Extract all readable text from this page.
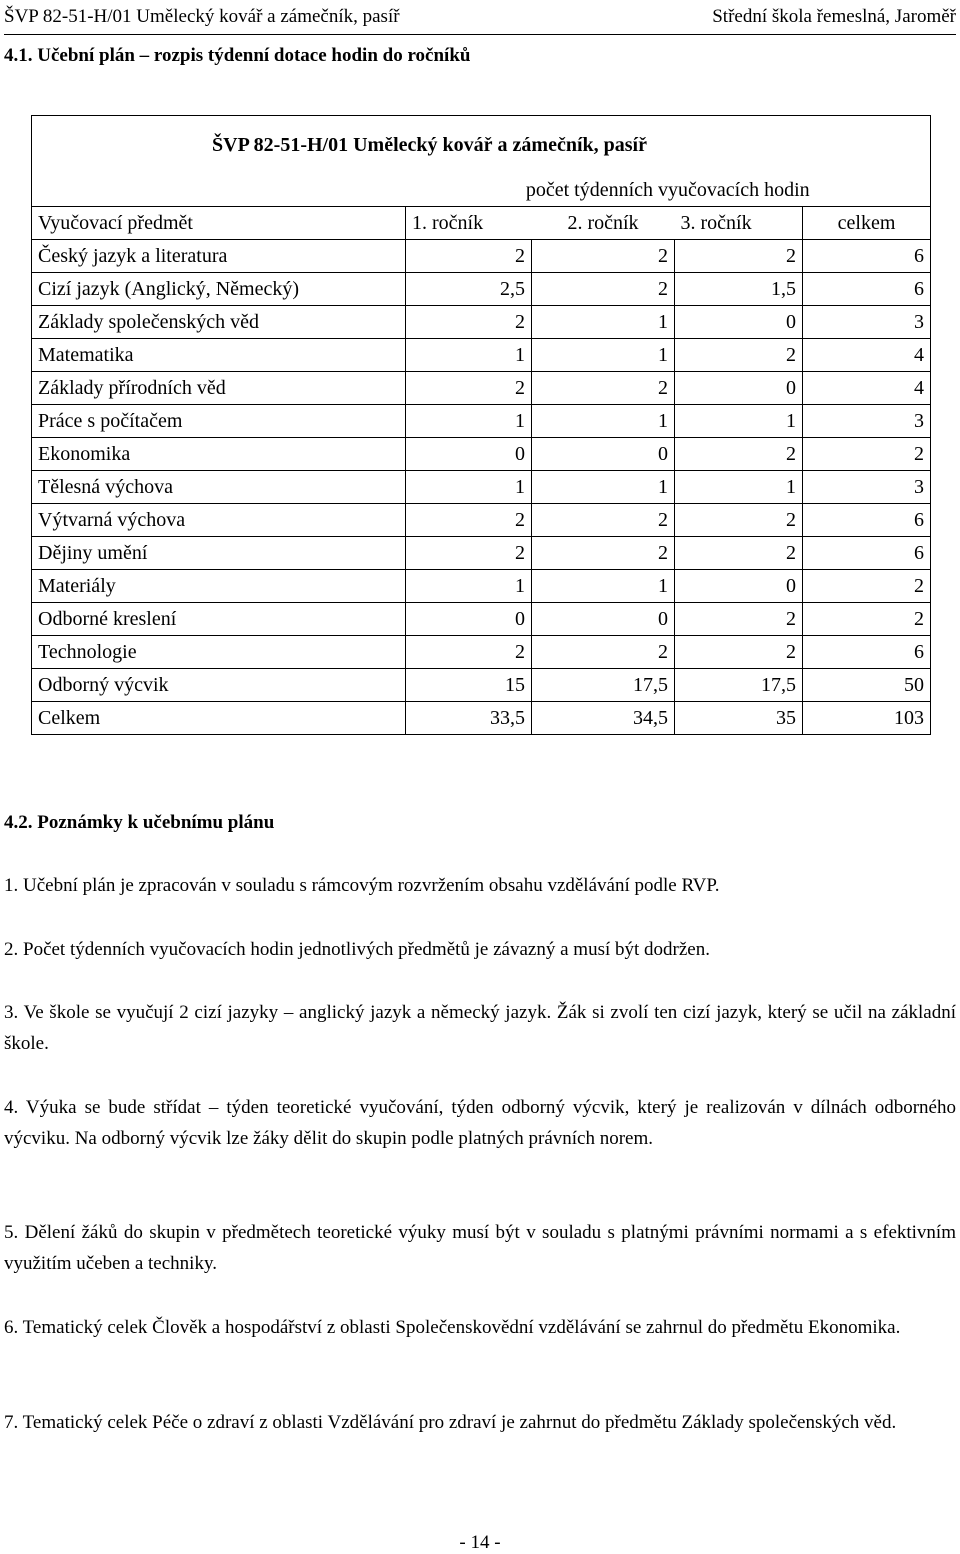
ŠVP 82-51-H/01 Umělecký kovář a zámečník, pasíř	Střední škola řemeslná, Jaroměř
4.1. Učební plán – rozpis týdenní dotace hodin do ročníků
ŠVP 82-51-H/01 Umělecký kovář a zámečník, pasíř				
	počet týdenních vyučovacích hodin			
Vyučovací předmět	1. ročník	2. ročník	3. ročník	celkem
Český jazyk a literatura	2	2	2	6
Cizí jazyk (Anglický, Německý)	2,5	2	1,5	6
Základy společenských věd	2	1	0	3
Matematika	1	1	2	4
Základy přírodních věd	2	2	0	4
Práce s počítačem	1	1	1	3
Ekonomika	0	0	2	2
Tělesná výchova	1	1	1	3
Výtvarná výchova	2	2	2	6
Dějiny umění	2	2	2	6
Materiály	1	1	0	2
Odborné kreslení	0	0	2	2
Technologie	2	2	2	6
Odborný výcvik	15	17,5	17,5	50
Celkem	33,5	34,5	35	103
4.2. Poznámky k učebnímu plánu
1. Učební plán je zpracován v souladu s rámcovým rozvržením obsahu vzdělávání podle RVP.
2. Počet týdenních vyučovacích hodin jednotlivých předmětů je závazný a musí být dodržen.
3. Ve škole se vyučují 2 cizí jazyky – anglický jazyk a německý jazyk. Žák si zvolí ten cizí jazyk, který se učil na základní škole.
4. Výuka se bude střídat – týden teoretické vyučování, týden odborný výcvik, který je realizován v dílnách odborného výcviku. Na odborný výcvik lze žáky dělit do skupin podle platných právních norem.
5. Dělení žáků do skupin v předmětech teoretické výuky musí být v souladu s platnými právními normami a s efektivním využitím učeben a techniky.
6. Tematický celek Člověk a hospodářství z oblasti Společenskovědní vzdělávání se zahrnul do předmětu Ekonomika.
7. Tematický celek Péče o zdraví z oblasti Vzdělávání pro zdraví je zahrnut do předmětu Základy společenských věd.
- 14 -
